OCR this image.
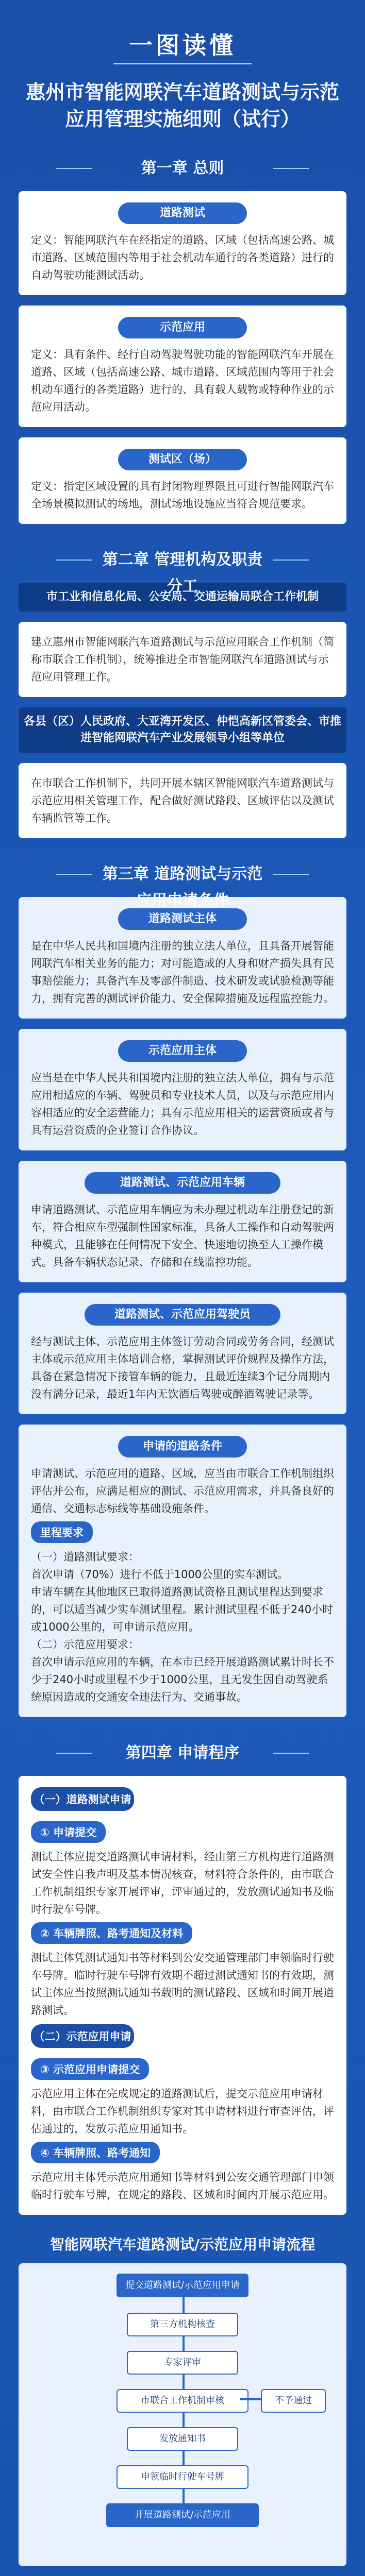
一图读懂
惠州市智能网联汽车道路测试与示范应用管理实施细则（试行）
第一章 总则
道路测试

定义：智能网联汽车在经指定的道路、区域（包括高速公路、城市道路、区域范围内等用于社会机动车通行的各类道路）进行的自动驾驶功能测试活动。

示范应用

定义：具有条件、经行自动驾驶驾驶功能的智能网联汽车开展在道路、区域（包括高速公路、城市道路、区域范围内等用于社会机动车通行的各类道路）进行的、具有载人载物或特种作业的示范应用活动。

测试区（场）

定义：指定区域设置的具有封闭物理界限且可进行智能网联汽车全场景模拟测试的场地，测试场地设施应当符合规范要求。

第二章 管理机构及职责分工
市工业和信息化局、公安局、交通运输局联合工作机制

建立惠州市智能网联汽车道路测试与示范应用联合工作机制（简称市联合工作机制），统筹推进全市智能网联汽车道路测试与示范应用管理工作。

各县（区）人民政府、大亚湾开发区、仲恺高新区管委会、市推进智能网联汽车产业发展领导小组等单位

在市联合工作机制下，共同开展本辖区智能网联汽车道路测试与示范应用相关管理工作，配合做好测试路段、区域评估以及测试车辆监管等工作。

第三章 道路测试与示范应用申请条件
道路测试主体

是在中华人民共和国境内注册的独立法人单位，且具备开展智能网联汽车相关业务的能力；对可能造成的人身和财产损失具有民事赔偿能力；具备汽车及零部件制造、技术研发或试验检测等能力，拥有完善的测试评价能力、安全保障措施及远程监控能力。

示范应用主体

应当是在中华人民共和国境内注册的独立法人单位，拥有与示范应用相适应的车辆、驾驶员和专业技术人员，以及与示范应用内容相适应的安全运营能力；具有示范应用相关的运营资质或者与具有运营资质的企业签订合作协议。

道路测试、示范应用车辆

申请道路测试、示范应用车辆应为未办理过机动车注册登记的新车，符合相应车型强制性国家标准，具备人工操作和自动驾驶两种模式，且能够在任何情况下安全、快速地切换至人工操作模式。具备车辆状态记录、存储和在线监控功能。

道路测试、示范应用驾驶员

经与测试主体、示范应用主体签订劳动合同或劳务合同，经测试主体或示范应用主体培训合格，掌握测试评价规程及操作方法，具备在紧急情况下接管车辆的能力，且最近连续3个记分周期内没有满分记录，最近1年内无饮酒后驾驶或醉酒驾驶记录等。

申请的道路条件

申请测试、示范应用的道路、区域，应当由市联合工作机制组织评估并公布，应满足相应的测试、示范应用需求，并具备良好的通信、交通标志标线等基础设施条件。

里程要求

（一）道路测试要求：

首次申请（70%）进行不低于1000公里的实车测试。

申请车辆在其他地区已取得道路测试资格且测试里程达到要求的，可以适当减少实车测试里程。累计测试里程不低于240小时或1000公里的，可申请示范应用。

（二）示范应用要求：

首次申请示范应用的车辆，在本市已经开展道路测试累计时长不少于240小时或里程不少于1000公里，且无发生因自动驾驶系统原因造成的交通安全违法行为、交通事故。

第四章 申请程序
（一）道路测试申请
① 申请提交

测试主体应提交道路测试申请材料，经由第三方机构进行道路测试安全性自我声明及基本情况核查，材料符合条件的，由市联合工作机制组织专家开展评审，评审通过的，发放测试通知书及临时行驶车号牌。

② 车辆牌照、路考通知及材料

测试主体凭测试通知书等材料到公安交通管理部门申领临时行驶车号牌。临时行驶车号牌有效期不超过测试通知书的有效期，测试主体应当按照测试通知书载明的测试路段、区域和时间开展道路测试。

（二）示范应用申请
③ 示范应用申请提交

示范应用主体在完成规定的道路测试后，提交示范应用申请材料，由市联合工作机制组织专家对其申请材料进行审查评估，评估通过的，发放示范应用通知书。

④ 车辆牌照、路考通知

示范应用主体凭示范应用通知书等材料到公安交通管理部门申领临时行驶车号牌，在规定的路段、区域和时间内开展示范应用。

智能网联汽车道路测试/示范应用申请流程
提交道路测试/示范应用申请
第三方机构核查
专家评审
市联合工作机制审核	不予通过
发放通知书
申领临时行驶车号牌
开展道路测试/示范应用
